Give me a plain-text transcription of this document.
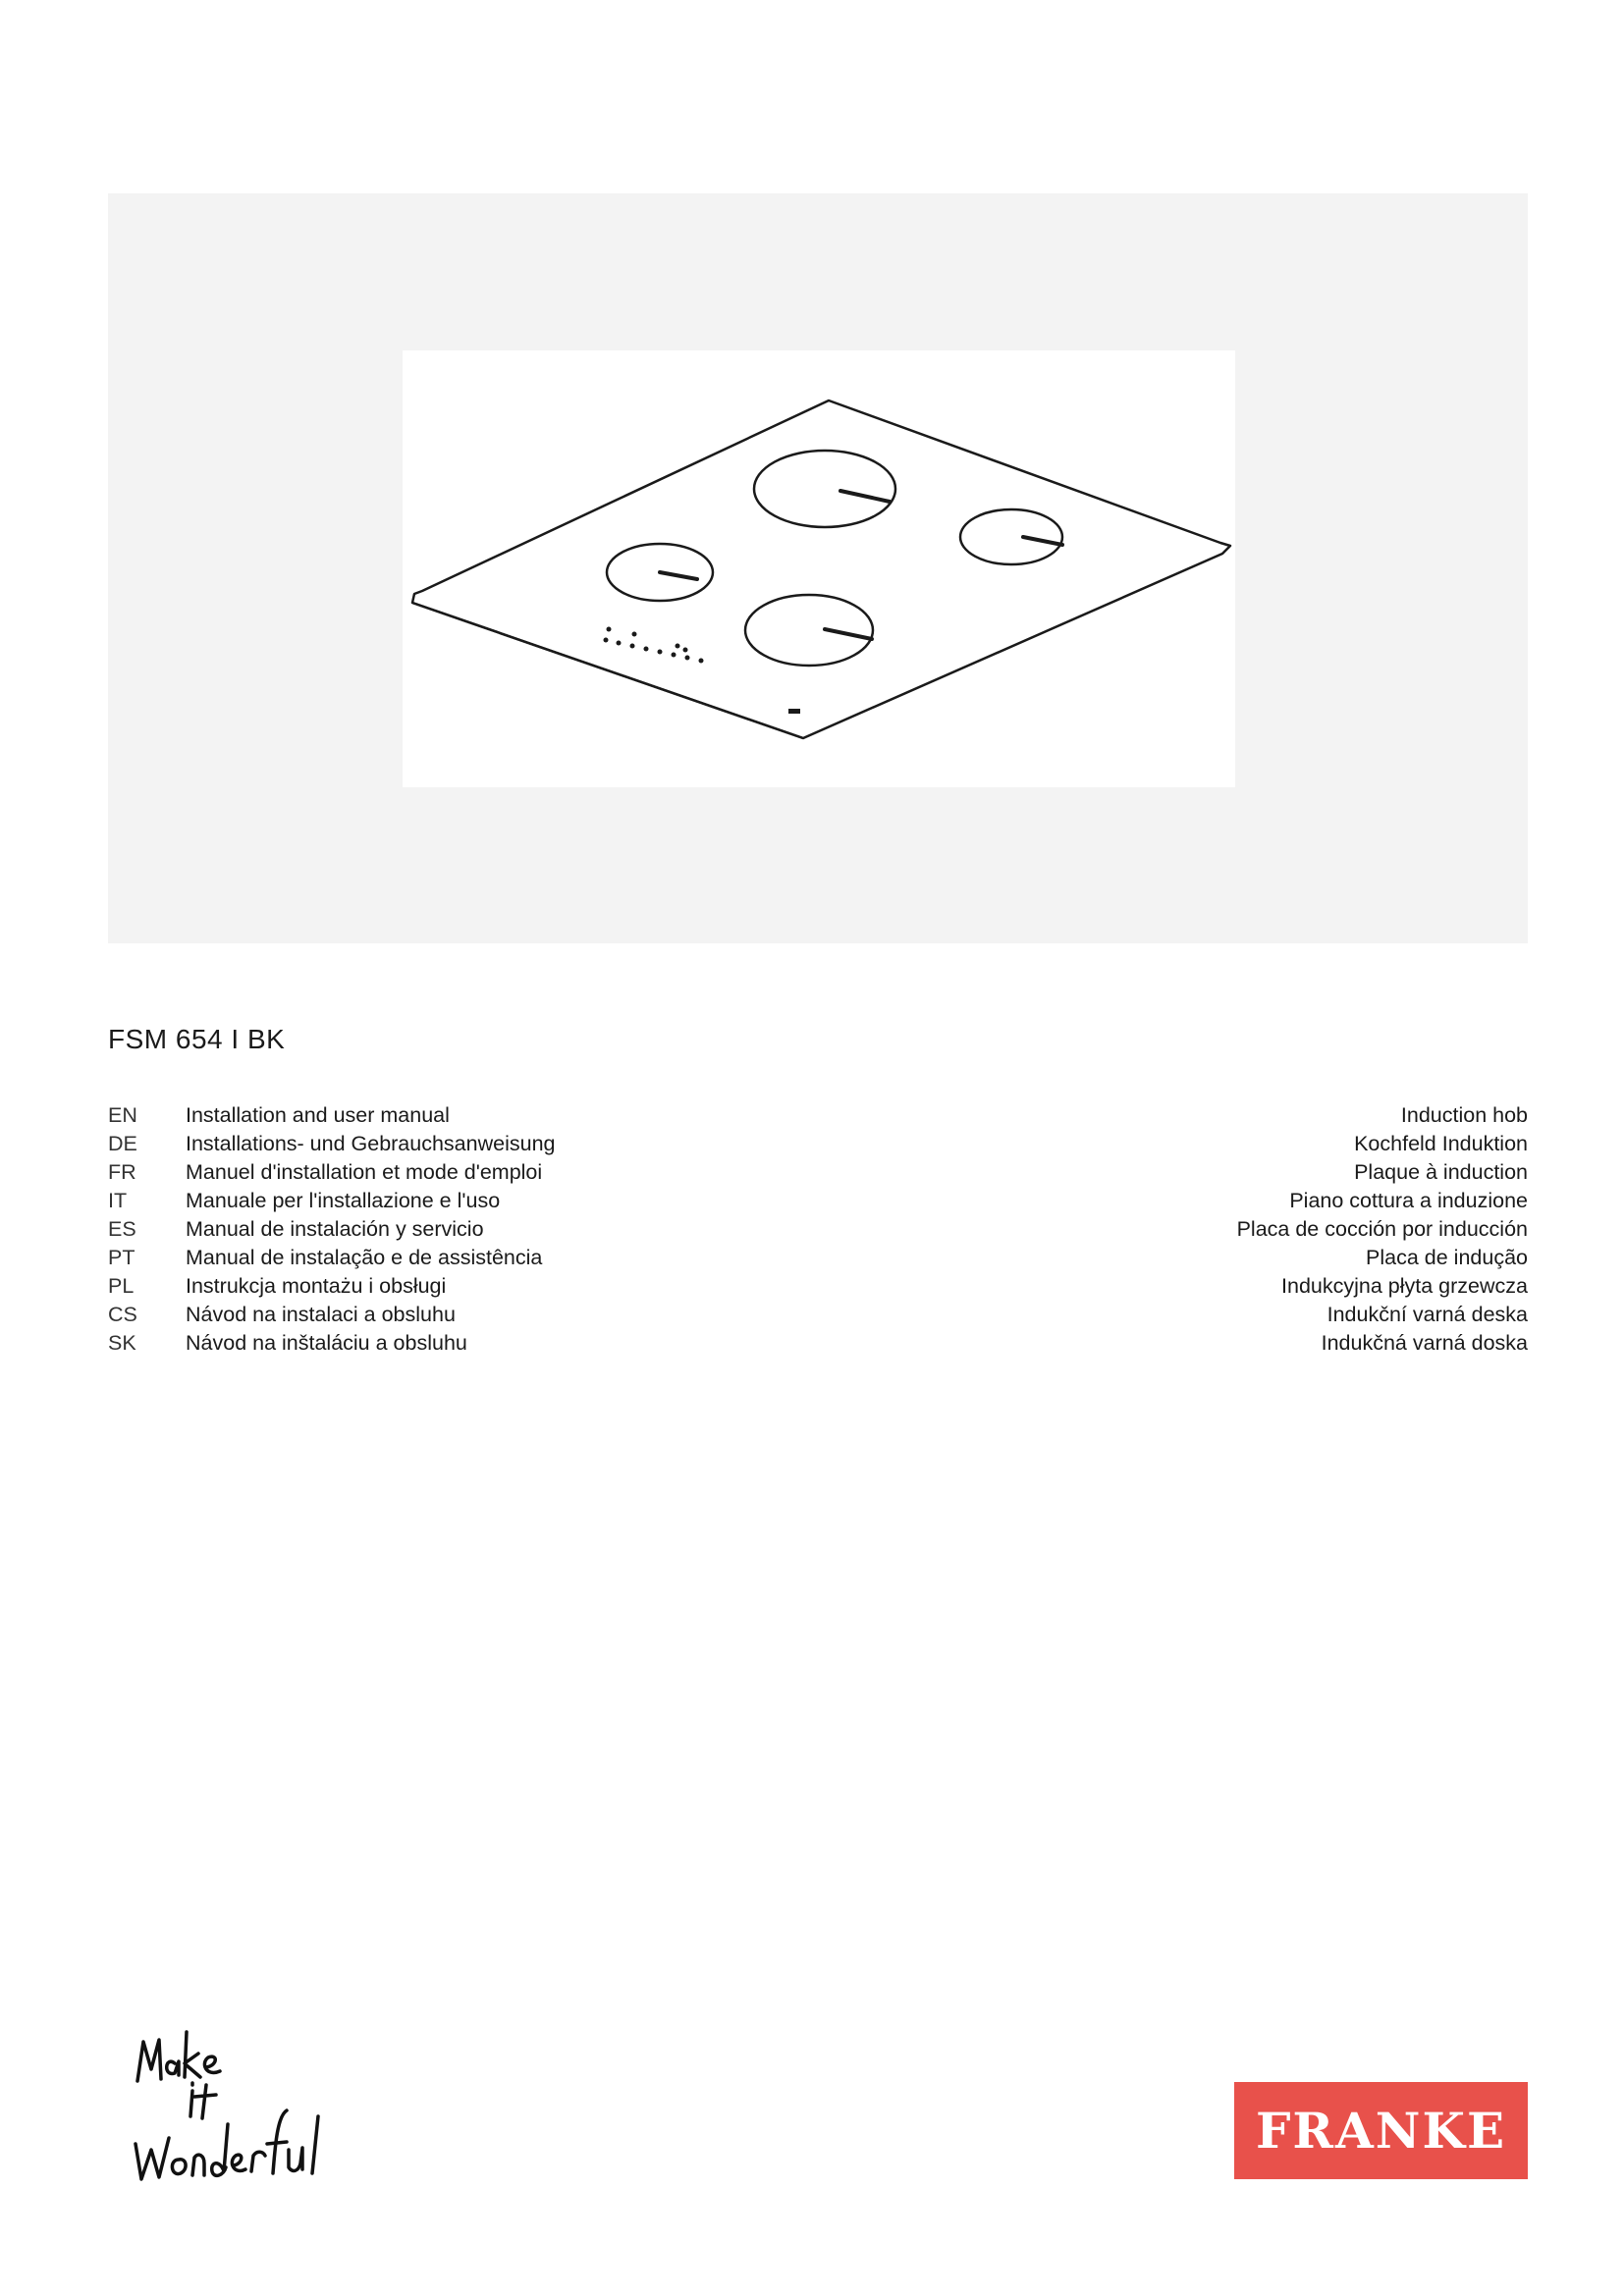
FSM 654 I BK
EN Installation and user manual	Induction hob
DE Installations- und Gebrauchsanweisung	Kochfeld Induktion
FR Manuel d'installation et mode d'emploi	Plaque à induction
IT	Manuale per l'installazione e l'uso	Piano cottura a induzione
ES Manual de instalación y servicio	Placa de cocción por inducción
PT Manual de instalação e de assistência	Placa de indução
PL Instrukcja montażu i obsługi	Indukcyjna płyta grzewcza
CS Návod na instalaci a obsluhu	Indukční varná deska
SK Návod na inštaláciu a obsluhu	Indukčná varná doska
FRANKE
